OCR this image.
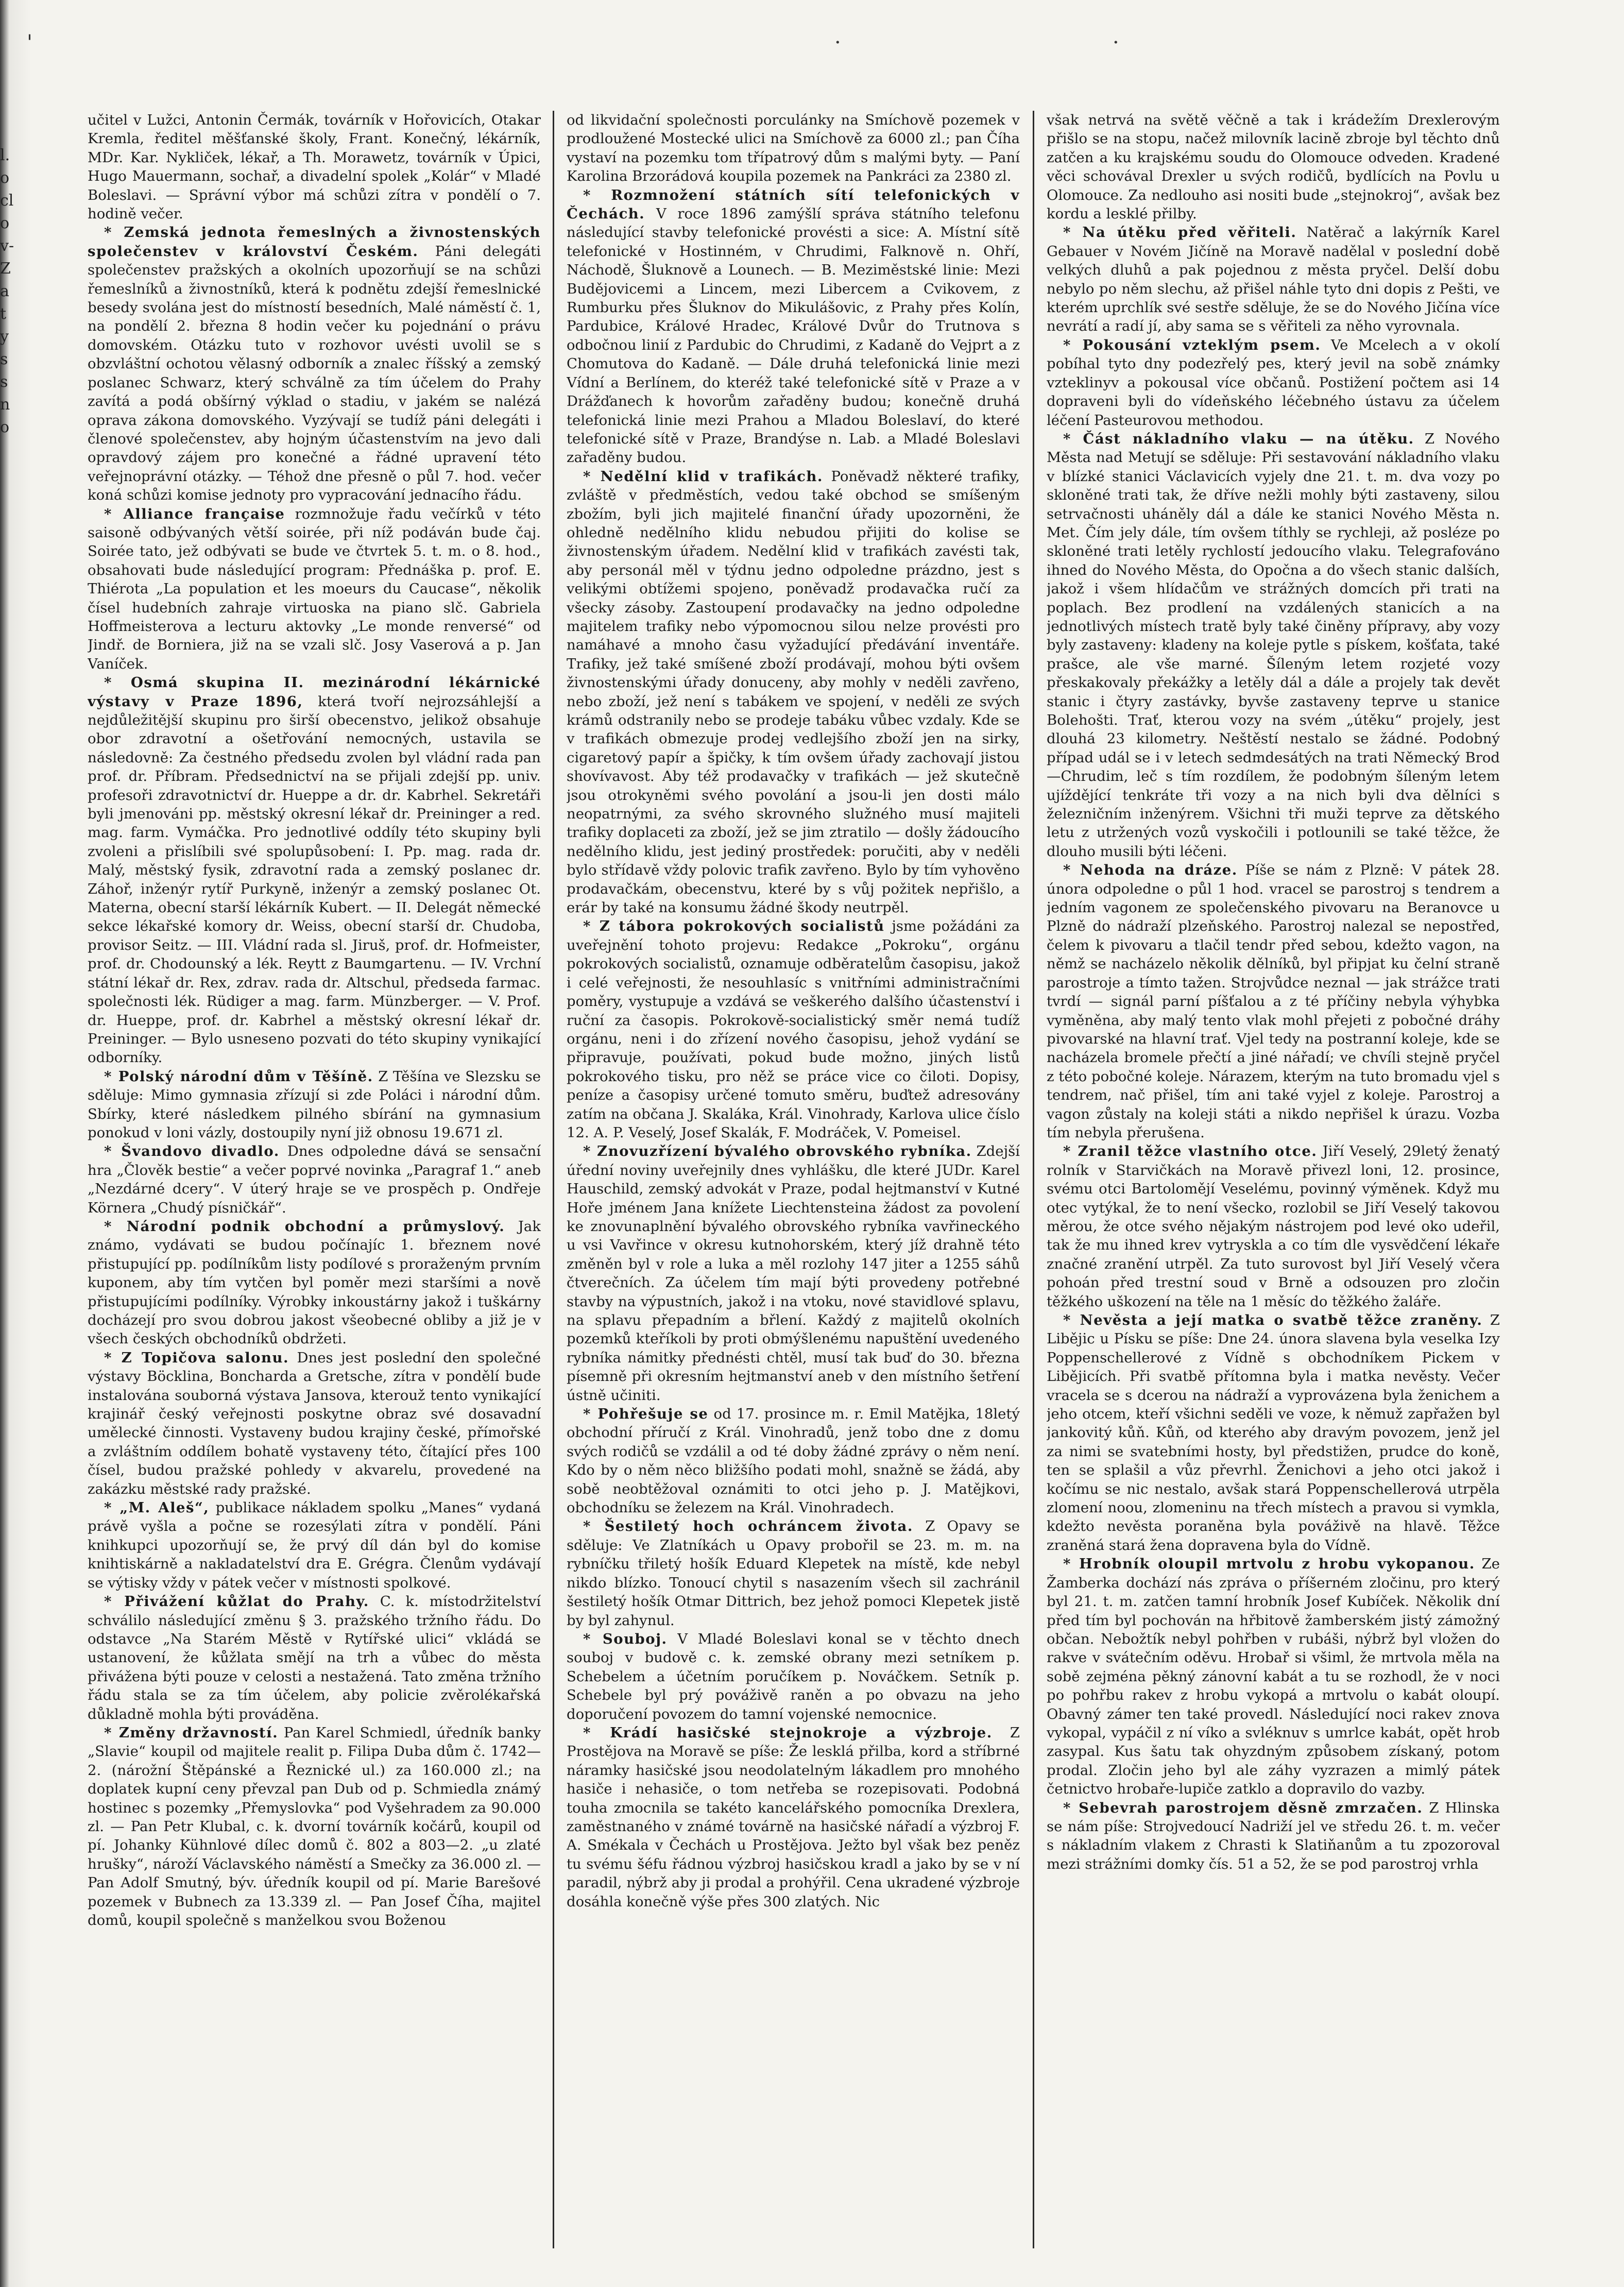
l. o cl o v- Z a t y s s n o
'	·	·

učitel v Lužci, Antonin Čermák, továrník v Hořovicích, Otakar Kremla, ředitel měšťanské školy, Frant. Konečný, lékárník, MDr. Kar. Nykliček, lékař, a Th. Morawetz, továrník v Úpici, Hugo Mauermann, sochař, a divadelní spolek „Kolár“ v Mladé Boleslavi. — Správní výbor má schůzi zítra v pondělí o 7. hodině večer.

* Zemská jednota řemeslných a živnostenských společenstev v království Českém. Páni delegáti společenstev pražských a okolních upozorňují se na schůzi řemeslníků a živnostníků, která k podnětu zdejší řemeslnické besedy svolána jest do místností besedních, Malé náměstí č. 1, na pondělí 2. března 8 hodin večer ku pojednání o právu domovském. Otázku tuto v rozhovor uvésti uvolil se s obzvláštní ochotou vělasný odborník a znalec říšský a zemský poslanec Schwarz, který schválně za tím účelem do Prahy zavítá a podá obšírný výklad o stadiu, v jakém se nalézá oprava zákona domovského. Vyzývají se tudíž páni delegáti i členové společenstev, aby hojným účastenstvím na jevo dali opravdový zájem pro konečné a řádné upravení této veřejnoprávní otázky. — Téhož dne přesně o půl 7. hod. večer koná schůzi komise jednoty pro vypracování jednacího řádu.

* Alliance française rozmnožuje řadu večírků v této saisoně odbývaných větší soirée, při níž podáván bude čaj. Soirée tato, jež odbývati se bude ve čtvrtek 5. t. m. o 8. hod., obsahovati bude následující program: Přednáška p. prof. E. Thiérota „La population et les moeurs du Caucase“, několik čísel hudebních zahraje virtuoska na piano slč. Gabriela Hoffmeisterova a lecturu aktovky „Le monde renversé“ od Jindř. de Borniera, již na se vzali slč. Josy Vaserová a p. Jan Vaníček.

* Osmá skupina II. mezinárodní lékárnické výstavy v Praze 1896, která tvoří nejrozsáhlejší a nejdůležitější skupinu pro širší obecenstvo, jelikož obsahuje obor zdravotní a ošetřování nemocných, ustavila se následovně: Za čestného předsedu zvolen byl vládní rada pan prof. dr. Příbram. Předsednictví na se přijali zdejší pp. univ. profesoři zdravotnictví dr. Hueppe a dr. dr. Kabrhel. Sekretáři byli jmenováni pp. městský okresní lékař dr. Preininger a red. mag. farm. Vymáčka. Pro jednotlivé oddíly této skupiny byli zvoleni a přislíbili své spolupůsobení: I. Pp. mag. rada dr. Malý, městský fysik, zdravotní rada a zemský poslanec dr. Záhoř, inženýr rytíř Purkyně, inženýr a zemský poslanec Ot. Materna, obecní starší lékárník Kubert. — II. Delegát německé sekce lékařské komory dr. Weiss, obecní starší dr. Chudoba, provisor Seitz. — III. Vládní rada sl. Jiruš, prof. dr. Hofmeister, prof. dr. Chodounský a lék. Reytt z Baumgartenu. — IV. Vrchní státní lékař dr. Rex, zdrav. rada dr. Altschul, předseda farmac. společnosti lék. Rüdiger a mag. farm. Münzberger. — V. Prof. dr. Hueppe, prof. dr. Kabrhel a městský okresní lékař dr. Preininger. — Bylo usneseno pozvati do této skupiny vynikající odborníky.

* Polský národní dům v Těšíně. Z Těšína ve Slezsku se sděluje: Mimo gymnasia zřízují si zde Poláci i národní dům. Sbírky, které následkem pilného sbírání na gymnasium ponokud v loni vázly, dostoupily nyní již obnosu 19.671 zl.

* Švandovo divadlo. Dnes odpoledne dává se sensační hra „Člověk bestie“ a večer poprvé novinka „Paragraf 1.“ aneb „Nezdárné dcery“. V úterý hraje se ve prospěch p. Ondřeje Körnera „Chudý písničkář“.

* Národní podnik obchodní a průmyslový. Jak známo, vydávati se budou počínajíc 1. březnem nové přistupující pp. podílníkům listy podílové s proraženým prvním kuponem, aby tím vytčen byl poměr mezi staršími a nově přistupujícími podílníky. Výrobky inkoustárny jakož i tuškárny docházejí pro svou dobrou jakost všeobecné obliby a již je v všech českých obchodníků obdržeti.

* Z Topičova salonu. Dnes jest poslední den společné výstavy Böcklina, Boncharda a Gretsche, zítra v pondělí bude instalována souborná výstava Jansova, kterouž tento vynikající krajinář český veřejnosti poskytne obraz své dosavadní umělecké činnosti. Vystaveny budou krajiny české, přímořské a zvláštním oddílem bohatě vystaveny této, čítající přes 100 čísel, budou pražské pohledy v akvarelu, provedené na zakázku městské rady pražské.

* „M. Aleš“, publikace nákladem spolku „Manes“ vydaná právě vyšla a počne se rozesýlati zítra v pondělí. Páni knihkupci upozorňují se, že prvý díl dán byl do komise knihtiskárně a nakladatelství dra E. Grégra. Členům vydávají se výtisky vždy v pátek večer v místnosti spolkové.

* Přivážení kůžlat do Prahy. C. k. místodržitelství schválilo následující změnu § 3. pražského tržního řádu. Do odstavce „Na Starém Městě v Rytířské ulici“ vkládá se ustanovení, že kůžlata smějí na trh a vůbec do města přivážena býti pouze v celosti a nestažená. Tato změna tržního řádu stala se za tím účelem, aby policie zvěrolékařská důkladně mohla býti prováděna.

* Změny državností. Pan Karel Schmiedl, úředník banky „Slavie“ koupil od majitele realit p. Filipa Duba dům č. 1742—2. (nárožní Štěpánské a Řeznické ul.) za 160.000 zl.; na doplatek kupní ceny převzal pan Dub od p. Schmiedla známý hostinec s pozemky „Přemyslovka“ pod Vyšehradem za 90.000 zl. — Pan Petr Klubal, c. k. dvorní továrník kočárů, koupil od pí. Johanky Kühnlové dílec domů č. 802 a 803—2. „u zlaté hrušky“, nároží Václavského náměstí a Smečky za 36.000 zl. — Pan Adolf Smutný, býv. úředník koupil od pí. Marie Barešové pozemek v Bubnech za 13.339 zl. — Pan Josef Číha, majitel domů, koupil společně s manželkou svou Boženou

od likvidační společnosti porculánky na Smíchově pozemek v prodloužené Mostecké ulici na Smíchově za 6000 zl.; pan Číha vystaví na pozemku tom třípatrový dům s malými byty. — Paní Karolina Brzorádová koupila pozemek na Pankráci za 2380 zl.

* Rozmnožení státních sítí telefonických v Čechách. V roce 1896 zamýšlí správa státního telefonu následující stavby telefonické provésti a sice: A. Místní sítě telefonické v Hostinném, v Chrudimi, Falknově n. Ohří, Náchodě, Šluknově a Lounech. — B. Meziměstské linie: Mezi Budějovicemi a Lincem, mezi Libercem a Cvikovem, z Rumburku přes Šluknov do Mikulášovic, z Prahy přes Kolín, Pardubice, Králové Hradec, Králové Dvůr do Trutnova s odbočnou linií z Pardubic do Chrudimi, z Kadaně do Vejprt a z Chomutova do Kadaně. — Dále druhá telefonická linie mezi Vídní a Berlínem, do kteréž také telefonické sítě v Praze a v Drážďanech k hovorům zařaděny budou; konečně druhá telefonická linie mezi Prahou a Mladou Boleslaví, do které telefonické sítě v Praze, Brandýse n. Lab. a Mladé Boleslavi zařaděny budou.

* Nedělní klid v trafikách. Poněvadž některé trafiky, zvláště v předměstích, vedou také obchod se smíšeným zbožím, byli jich majitelé finanční úřady upozorněni, že ohledně nedělního klidu nebudou přijiti do kolise se živnostenským úřadem. Nedělní klid v trafikách zavésti tak, aby personál měl v týdnu jedno odpoledne prázdno, jest s velikými obtížemi spojeno, poněvadž prodavačka ručí za všecky zásoby. Zastoupení prodavačky na jedno odpoledne majitelem trafiky nebo výpomocnou silou nelze provésti pro namáhavé a mnoho času vyžadující předávání inventáře. Trafiky, jež také smíšené zboží prodávají, mohou býti ovšem živnostenskými úřady donuceny, aby mohly v neděli zavřeno, nebo zboží, jež není s tabákem ve spojení, v neděli ze svých krámů odstranily nebo se prodeje tabáku vůbec vzdaly. Kde se v trafikách obmezuje prodej vedlejšího zboží jen na sirky, cigaretový papír a špičky, k tím ovšem úřady zachovají jistou shovívavost. Aby též prodavačky v trafikách — jež skutečně jsou otrokyněmi svého povolání a jsou-li jen dosti málo neopatrnými, za svého skrovného služného musí majiteli trafiky doplaceti za zboží, jež se jim ztratilo — došly žádoucího nedělního klidu, jest jediný prostředek: poručiti, aby v neděli bylo střídavě vždy polovic trafik zavřeno. Bylo by tím vyhověno prodavačkám, obecenstvu, které by s vůj požitek nepřišlo, a erár by také na konsumu žádné škody neutrpěl.

* Z tábora pokrokových socialistů jsme požádáni za uveřejnění tohoto projevu: Redakce „Pokroku“, orgánu pokrokových socialistů, oznamuje odběratelům časopisu, jakož i celé veřejnosti, že nesouhlasíc s vnitřními administračními poměry, vystupuje a vzdává se veškerého dalšího účastenství i ruční za časopis. Pokrokově-socialistický směr nemá tudíž orgánu, neni i do zřízení nového časopisu, jehož vydání se připravuje, používati, pokud bude možno, jiných listů pokrokového tisku, pro něž se práce vice co čiloti. Dopisy, peníze a časopisy určené tomuto směru, buďtež adresovány zatím na občana J. Skaláka, Král. Vinohrady, Karlova ulice číslo 12. A. P. Veselý, Josef Skalák, F. Modráček, V. Pomeisel.

* Znovuzřízení bývalého obrovského rybníka. Zdejší úřední noviny uveřejnily dnes vyhlášku, dle které JUDr. Karel Hauschild, zemský advokát v Praze, podal hejtmanství v Kutné Hoře jménem Jana knížete Liechtensteina žádost za povolení ke znovunaplnění bývalého obrovského rybníka vavřineckého u vsi Vavřince v okresu kutnohorském, který jíž drahně této změněn byl v role a luka a měl rozlohy 147 jiter a 1255 sáhů čtverečních. Za účelem tím mají býti provedeny potřebné stavby na výpustních, jakož i na vtoku, nové stavidlové splavu, na splavu přepadním a břlení. Každý z majitelů okolních pozemků kteříkoli by proti obmýšlenému napuštění uvedeného rybníka námitky přednésti chtěl, musí tak buď do 30. března písemně při okresním hejtmanství aneb v den místního šetření ústně učiniti.

* Pohřešuje se od 17. prosince m. r. Emil Matějka, 18letý obchodní příručí z Král. Vinohradů, jenž tobo dne z domu svých rodičů se vzdálil a od té doby žádné zprávy o něm není. Kdo by o něm něco bližšího podati mohl, snažně se žádá, aby sobě neobtěžoval oznámiti to otci jeho p. J. Matějkovi, obchodníku se železem na Král. Vinohradech.

* Šestiletý hoch ochráncem života. Z Opavy se sděluje: Ve Zlatníkách u Opavy probořil se 23. m. m. na rybníčku třiletý hošík Eduard Klepetek na místě, kde nebyl nikdo blízko. Tonoucí chytil s nasazením všech sil zachránil šestiletý hošík Otmar Dittrich, bez jehož pomoci Klepetek jistě by byl zahynul.

* Souboj. V Mladé Boleslavi konal se v těchto dnech souboj v budově c. k. zemské obrany mezi setníkem p. Schebelem a účetním poručíkem p. Nováčkem. Setník p. Schebele byl prý pováživě raněn a po obvazu na jeho doporučení povozem do tamní vojenské nemocnice.

* Krádí hasičské stejnokroje a výzbroje. Z Prostějova na Moravě se píše: Že lesklá přilba, kord a stříbrné náramky hasičské jsou neodolatelným lákadlem pro mnohého hasiče i nehasiče, o tom netřeba se rozepisovati. Podobná touha zmocnila se takéto kancelářského pomocníka Drexlera, zaměstnaného v známé továrně na hasičské nářadí a výzbroj F. A. Smékala v Čechách u Prostějova. Ježto byl však bez peněz tu svému šéfu řádnou výzbroj hasičskou kradl a jako by se v ní paradil, nýbrž aby ji prodal a prohýřil. Cena ukradené výzbroje dosáhla konečně výše přes 300 zlatých. Nic

však netrvá na světě věčně a tak i krádežím Drexlerovým přišlo se na stopu, načež milovník lacině zbroje byl těchto dnů zatčen a ku krajskému soudu do Olomouce odveden. Kradené věci schovával Drexler u svých rodičů, bydlících na Povlu u Olomouce. Za nedlouho asi nositi bude „stejnokroj“, avšak bez kordu a lesklé přilby.

* Na útěku před věřiteli. Natěrač a lakýrník Karel Gebauer v Novém Jičíně na Moravě nadělal v poslední době velkých dluhů a pak pojednou z města pryčel. Delší dobu nebylo po něm slechu, až přišel náhle tyto dni dopis z Pešti, ve kterém uprchlík své sestře sděluje, že se do Nového Jičína více nevrátí a radí jí, aby sama se s věřiteli za něho vyrovnala.

* Pokousání vzteklým psem. Ve Mcelech a v okolí pobíhal tyto dny podezřelý pes, který jevil na sobě známky vzteklinyv a pokousal více občanů. Postižení počtem asi 14 dopraveni byli do vídeňského léčebného ústavu za účelem léčení Pasteurovou methodou.

* Část nákladního vlaku — na útěku. Z Nového Města nad Metují se sděluje: Při sestavování nákladního vlaku v blízké stanici Václavicích vyjely dne 21. t. m. dva vozy po skloněné trati tak, že dříve nežli mohly býti zastaveny, silou setrvačnosti uháněly dál a dále ke stanici Nového Města n. Met. Čím jely dále, tím ovšem títhly se rychleji, až posléze po skloněné trati letěly rychlostí jedoucího vlaku. Telegrafováno ihned do Nového Města, do Opočna a do všech stanic dalších, jakož i všem hlídačům ve strážných domcích při trati na poplach. Bez prodlení na vzdálených stanicích a na jednotlivých místech tratě byly také činěny přípravy, aby vozy byly zastaveny: kladeny na koleje pytle s pískem, košťata, také prašce, ale vše marné. Šíleným letem rozjeté vozy přeskakovaly překážky a letěly dál a dále a projely tak devět stanic i čtyry zastávky, byvše zastaveny teprve u stanice Bolehošti. Trať, kterou vozy na svém „útěku“ projely, jest dlouhá 23 kilometry. Neštěstí nestalo se žádné. Podobný případ udál se i v letech sedmdesátých na trati Německý Brod—Chrudim, leč s tím rozdílem, že podobným šíleným letem ujíždějící tenkráte tři vozy a na nich byli dva dělníci s železničním inženýrem. Všichni tři muži teprve za dětského letu z utržených vozů vyskočili i potlounili se také těžce, že dlouho musili býti léčeni.

* Nehoda na dráze. Píše se nám z Plzně: V pátek 28. února odpoledne o půl 1 hod. vracel se parostroj s tendrem a jedním vagonem ze společenského pivovaru na Beranovce u Plzně do nádraží plzeňského. Parostroj nalezal se nepostřed, čelem k pivovaru a tlačil tendr před sebou, kdežto vagon, na němž se nacházelo několik dělníků, byl připjat ku čelní straně parostroje a tímto tažen. Strojvůdce neznal — jak strážce trati tvrdí — signál parní píšťalou a z té příčiny nebyla výhybka vyměněna, aby malý tento vlak mohl přejeti z pobočné dráhy pivovarské na hlavní trať. Vjel tedy na postranní koleje, kde se nacházela bromele přečtí a jiné nářadí; ve chvíli stejně pryčel z této pobočné koleje. Nárazem, kterým na tuto bromadu vjel s tendrem, nač přišel, tím ani také vyjel z koleje. Parostroj a vagon zůstaly na koleji státi a nikdo nepřišel k úrazu. Vozba tím nebyla přerušena.

* Zranil těžce vlastního otce. Jiří Veselý, 29letý ženatý rolník v Starvičkách na Moravě přivezl loni, 12. prosince, svému otci Bartolomějí Veselému, povinný výměnek. Když mu otec vytýkal, že to není všecko, rozlobil se Jiří Veselý takovou měrou, že otce svého nějakým nástrojem pod levé oko udeřil, tak že mu ihned krev vytryskla a co tím dle vysvědčení lékaře značné zranění utrpěl. Za tuto surovost byl Jiří Veselý včera pohoán před trestní soud v Brně a odsouzen pro zločin těžkého uškození na těle na 1 měsíc do těžkého žaláře.

* Nevěsta a její matka o svatbě těžce zraněny. Z Libějic u Písku se píše: Dne 24. února slavena byla veselka Izy Poppenschellerové z Vídně s obchodníkem Pickem v Libějicích. Při svatbě přítomna byla i matka nevěsty. Večer vracela se s dcerou na nádraží a vyprovázena byla ženichem a jeho otcem, kteří všichni seděli ve voze, k němuž zapřažen byl jankovitý kůň. Kůň, od kterého aby dravým povozem, jenž jel za nimi se svatebními hosty, byl předstižen, prudce do koně, ten se splašil a vůz převrhl. Ženichovi a jeho otci jakož i kočímu se nic nestalo, avšak stará Poppenschellerová utrpěla zlomení noou, zlomeninu na třech místech a pravou si vymkla, kdežto nevěsta poraněna byla pováživě na hlavě. Těžce zraněná stará žena dopravena byla do Vídně.

* Hrobník oloupil mrtvolu z hrobu vykopanou. Ze Žamberka dochází nás zpráva o příšerném zločinu, pro který byl 21. t. m. zatčen tamní hrobník Josef Kubíček. Několik dní před tím byl pochován na hřbitově žamberském jistý zámožný občan. Nebožtík nebyl pohřben v rubáši, nýbrž byl vložen do rakve v svátečním oděvu. Hrobař si všiml, že mrtvola měla na sobě zejména pěkný zánovní kabát a tu se rozhodl, že v noci po pohřbu rakev z hrobu vykopá a mrtvolu o kabát oloupí. Obavný zámer ten také provedl. Následující noci rakev znova vykopal, vypáčil z ní víko a svléknuv s umrlce kabát, opět hrob zasypal. Kus šatu tak ohyzdným způsobem získaný, potom prodal. Zločin jeho byl ale záhy vyzrazen a mimlý pátek četnictvo hrobaře-lupiče zatklo a dopravilo do vazby.

* Sebevrah parostrojem děsně zmrzačen. Z Hlinska se nám píše: Strojvedoucí Nadriží jel ve středu 26. t. m. večer s nákladním vlakem z Chrasti k Slatiňanům a tu zpozoroval mezi strážními domky čís. 51 a 52, že se pod parostroj vrhla
